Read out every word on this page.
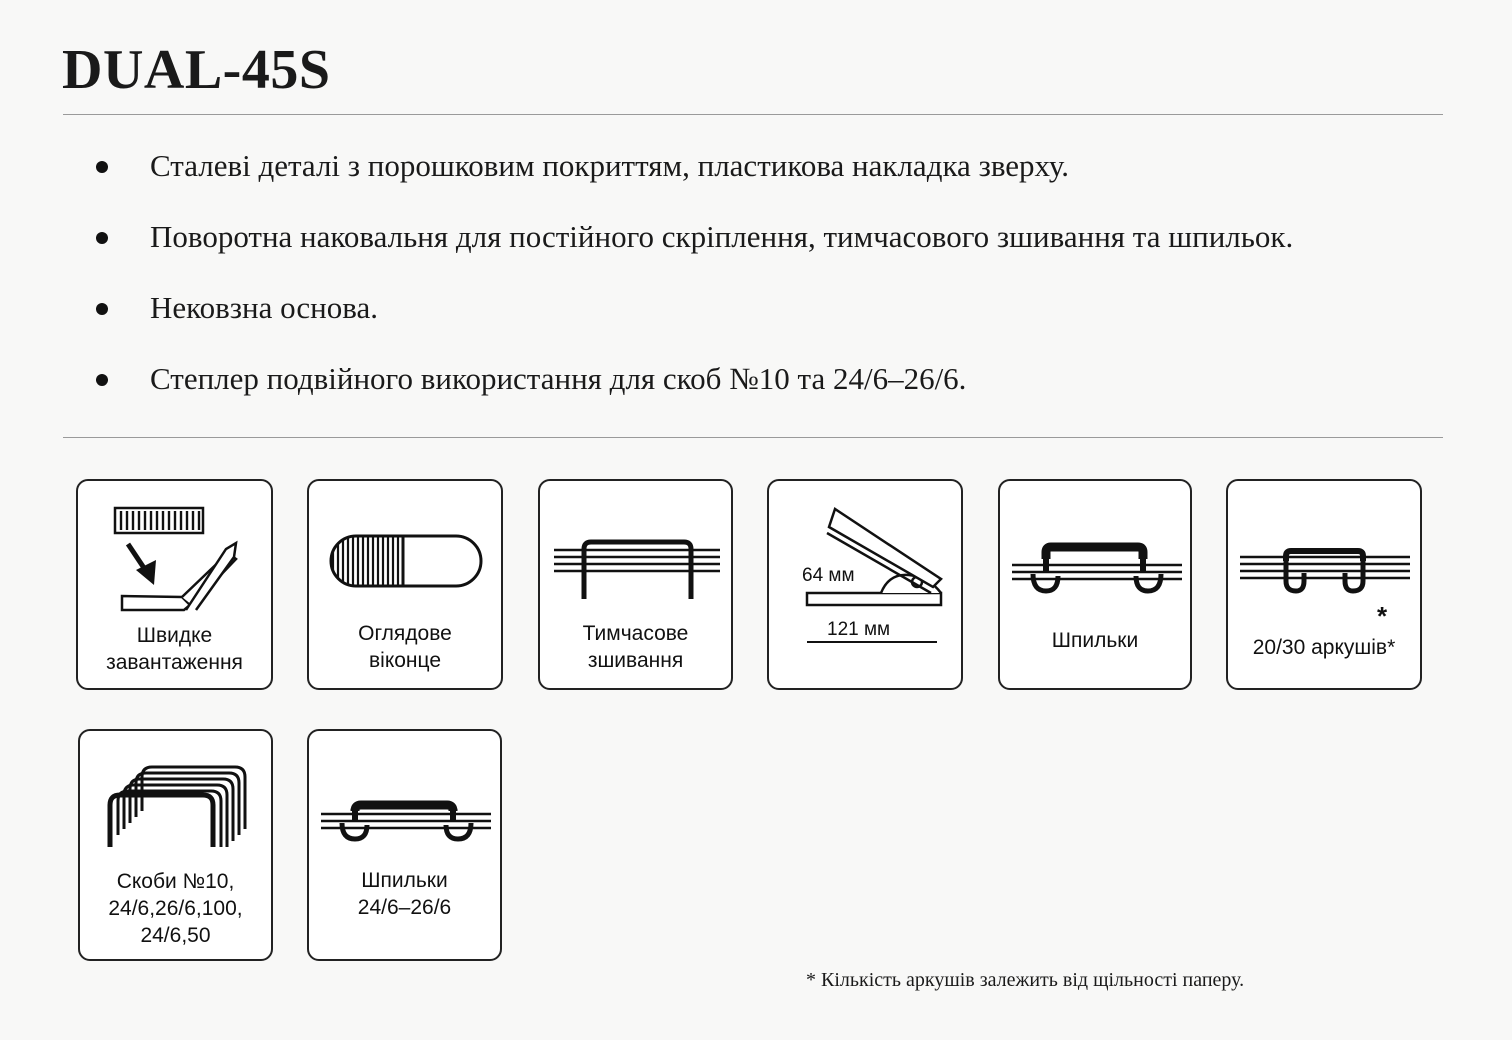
DUAL-45S
Сталеві деталі з порошковим покриттям, пластикова накладка зверху.
Поворотна наковальня для постійного скріплення, тимчасового зшивання та шпильок.
Нековзна основа.
Степлер подвійного використання для скоб №10 та 24/6–26/6.
Швидке
завантаження
Оглядове
віконце
Тимчасове
зшивання
64 мм
121 мм	Шпильки
*
20/30 аркушів*
Скоби №10,
24/6,26/6,100,
24/6,50
Шпильки
24/6–26/6
* Кількість аркушів залежить від щільності паперу.
